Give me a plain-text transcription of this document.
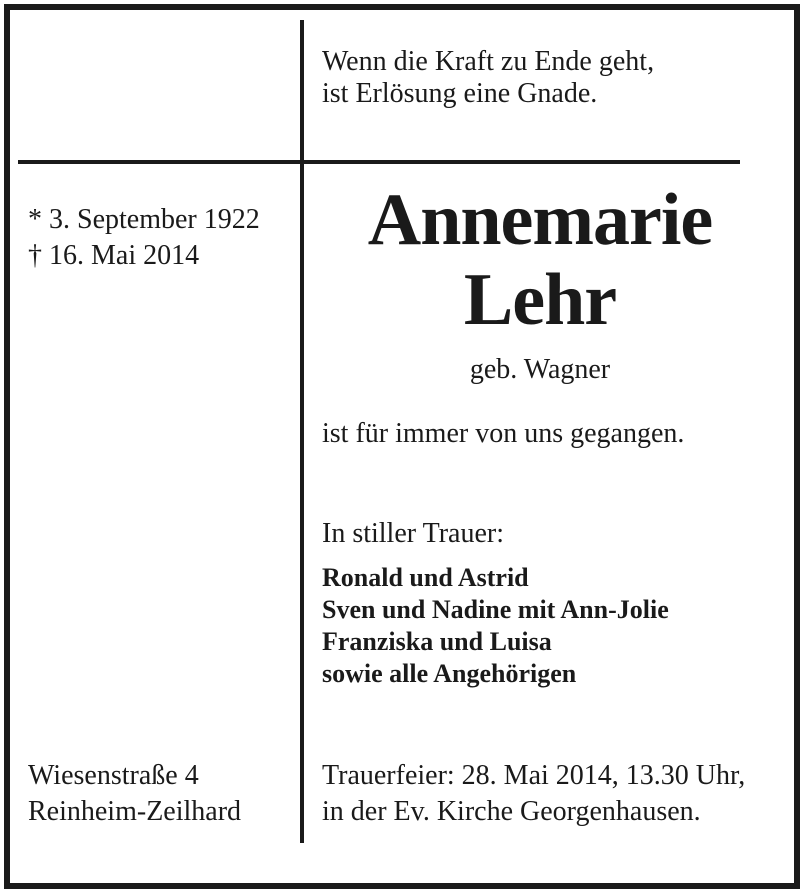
Wenn die Kraft zu Ende geht,
ist Erlösung eine Gnade.
* 3. September 1922
† 16. Mai 2014	Annemarie
Lehr
geb. Wagner
ist für immer von uns gegangen.
In stiller Trauer:
Ronald und Astrid
Sven und Nadine mit Ann-Jolie
Franziska und Luisa
sowie alle Angehörigen
Wiesenstraße 4
Reinheim-Zeilhard
Trauerfeier: 28. Mai 2014, 13.30 Uhr,
in der Ev. Kirche Georgenhausen.
